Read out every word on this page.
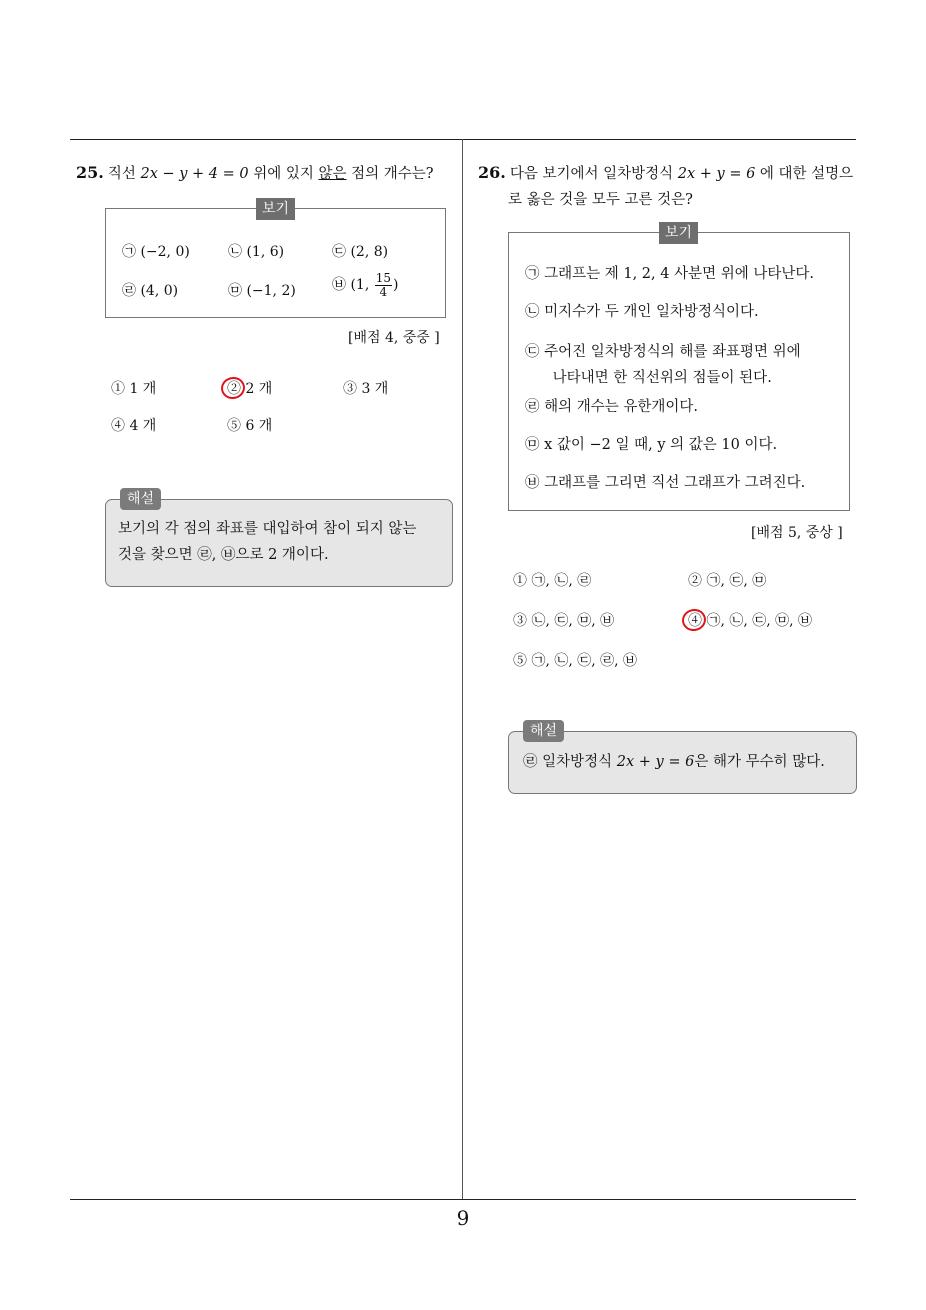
9
25. 직선 2x − y + 4 = 0 위에 있지 않은 점의 개수는?
보기
㉠ (−2, 0)	㉡ (1, 6)	㉢ (2, 8)
㉣ (4, 0)	㉤ (−1, 2)	㉥ (1, $\frac{15}{4}$ )
[배점 4, 중중 ]
① 1 개	② 2 개	③ 3 개
④ 4 개	⑤ 6 개
해설
보기의 각 점의 좌표를 대입하여 참이 되지 않는
것을 찾으면 ㉣, ㉥으로 2 개이다.
26. 다음 보기에서 일차방정식 2x + y = 6 에 대한 설명으
로 옳은 것을 모두 고른 것은?
보기
㉠ 그래프는 제 1, 2, 4 사분면 위에 나타난다.
㉡ 미지수가 두 개인 일차방정식이다.
㉢ 주어진 일차방정식의 해를 좌표평면 위에
나타내면 한 직선위의 점들이 된다.
㉣ 해의 개수는 유한개이다.
㉤ x 값이 −2 일 때, y 의 값은 10 이다.
㉥ 그래프를 그리면 직선 그래프가 그려진다.
[배점 5, 중상 ]
① ㉠, ㉡, ㉣	② ㉠, ㉢, ㉤
③ ㉡, ㉢, ㉤, ㉥	④ ㉠, ㉡, ㉢, ㉤, ㉥
⑤ ㉠, ㉡, ㉢, ㉣, ㉥
해설
㉣ 일차방정식 2x + y = 6은 해가 무수히 많다.
